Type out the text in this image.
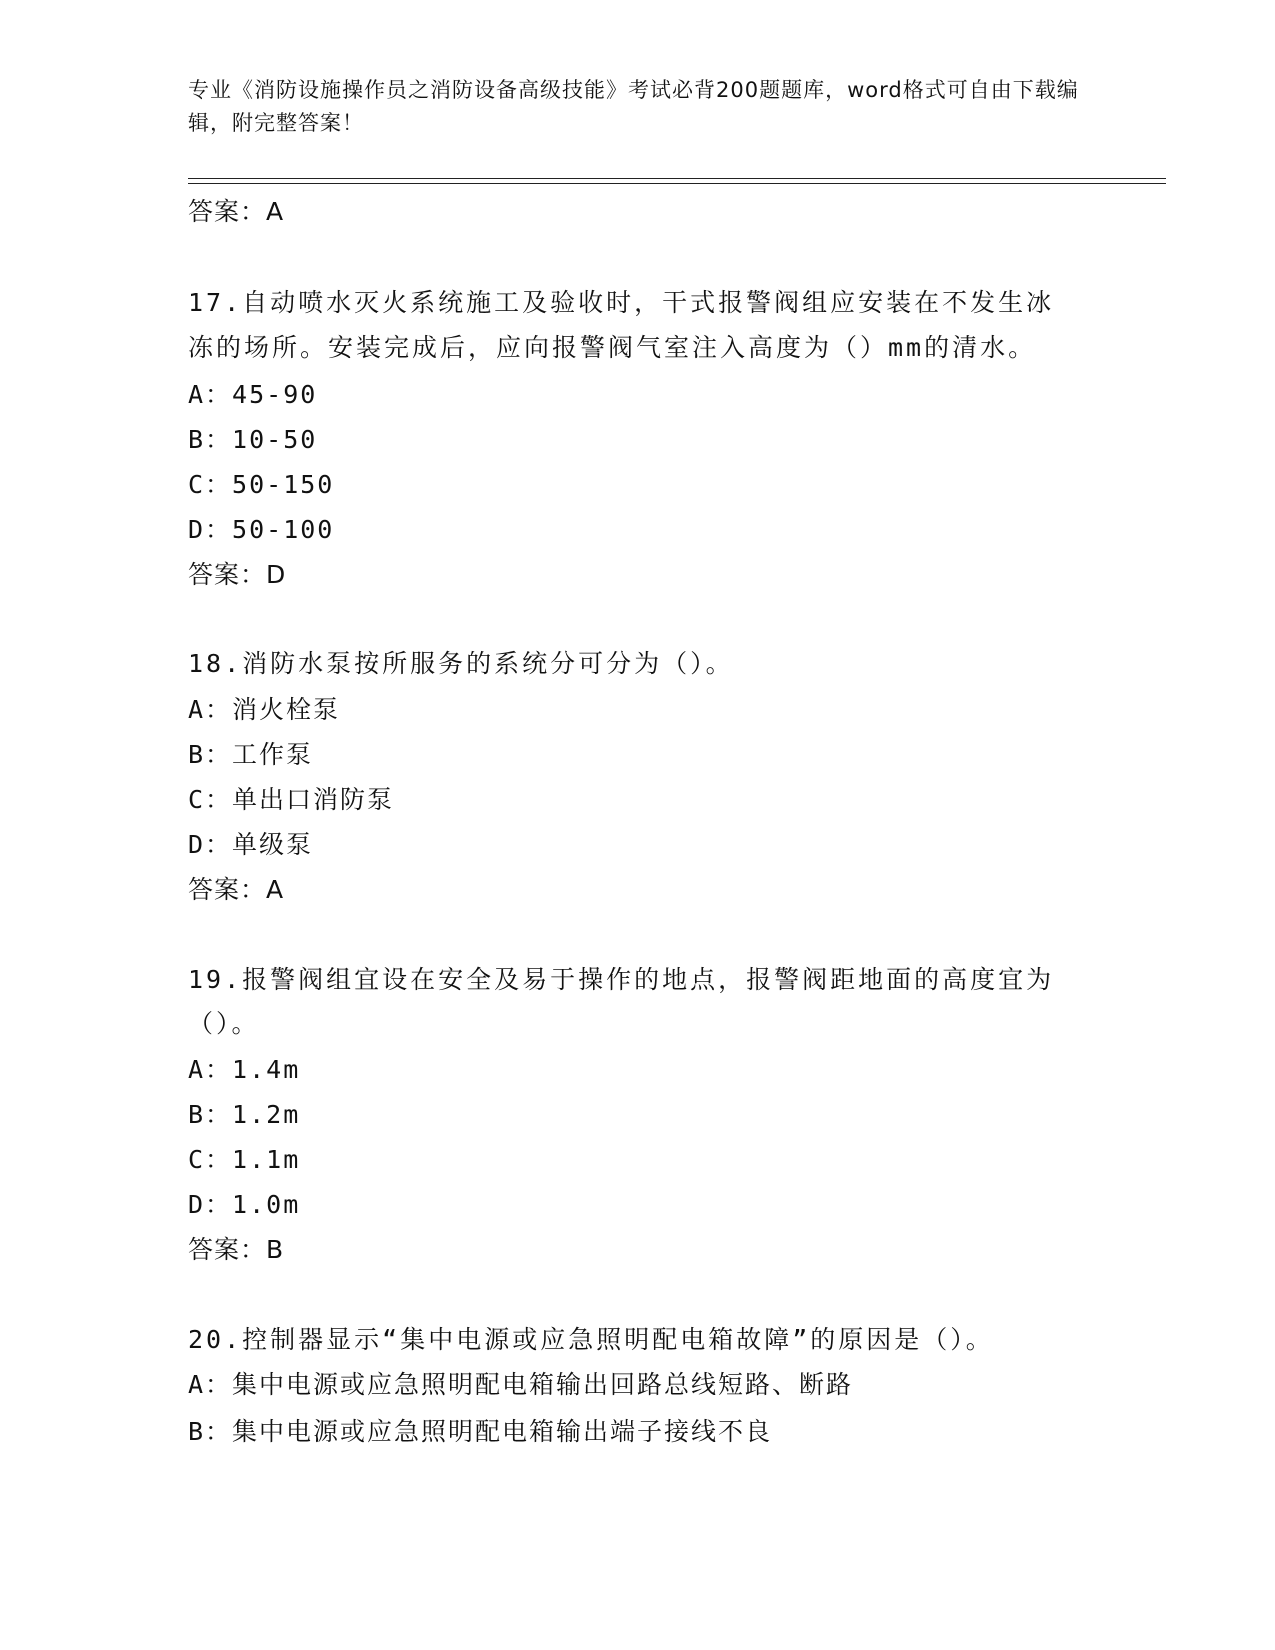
专业《消防设施操作员之消防设备高级技能》考试必背200题题库，word格式可自由下载编辑，附完整答案！
答案：A
17.自动喷水灭火系统施工及验收时，干式报警阀组应安装在不发生冰
冻的场所。安装完成后，应向报警阀气室注入高度为（）mm的清水。
A：45-90
B：10-50
C：50-150
D：50-100
答案：D
18.消防水泵按所服务的系统分可分为（）。
A：消火栓泵
B：工作泵
C：单出口消防泵
D：单级泵
答案：A
19.报警阀组宜设在安全及易于操作的地点，报警阀距地面的高度宜为
（）。
A：1.4m
B：1.2m
C：1.1m
D：1.0m
答案：B
20.控制器显示“集中电源或应急照明配电箱故障”的原因是（）。
A：集中电源或应急照明配电箱输出回路总线短路、断路
B：集中电源或应急照明配电箱输出端子接线不良
